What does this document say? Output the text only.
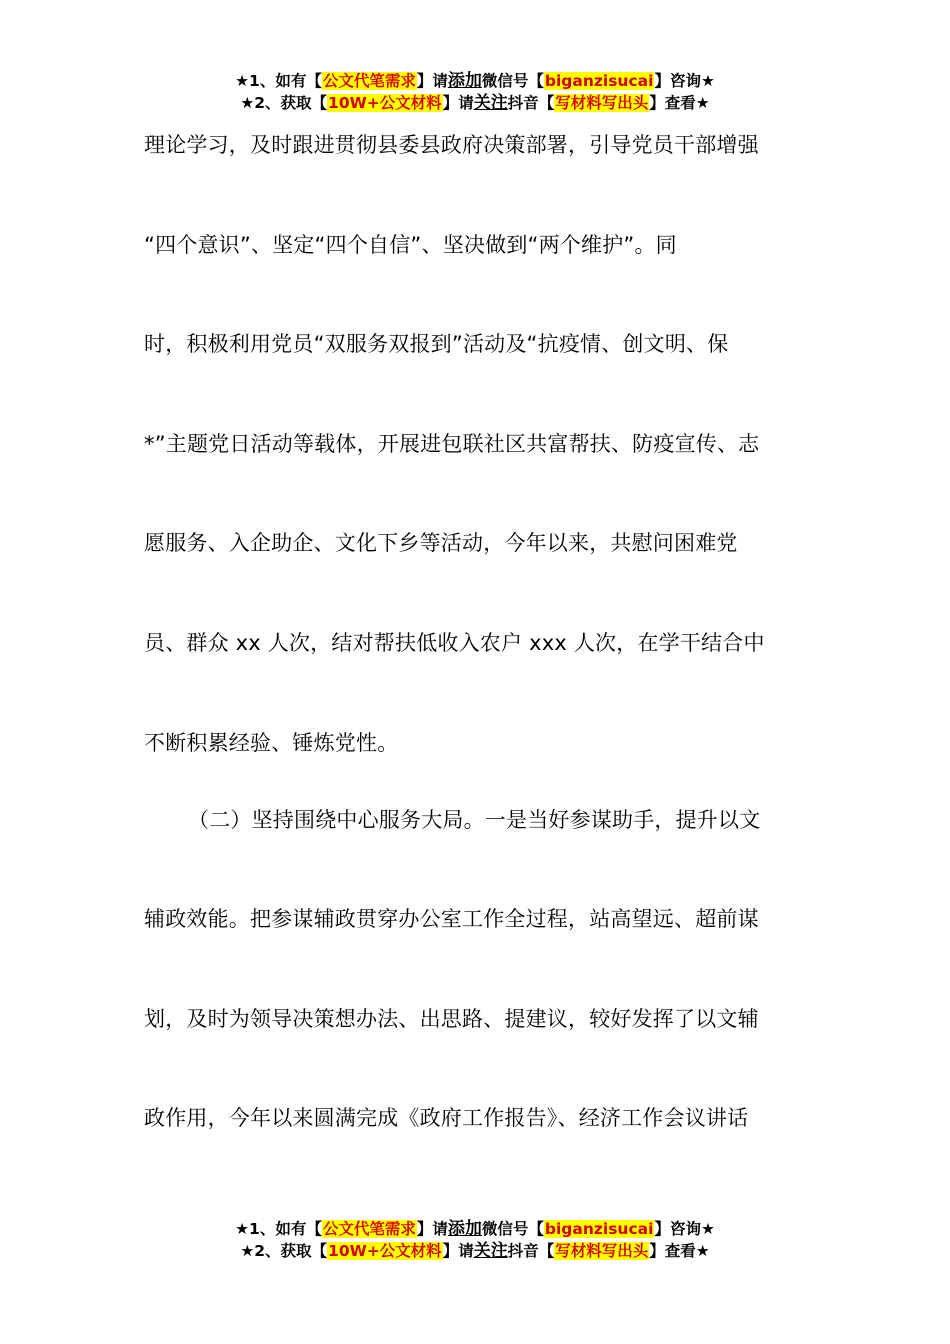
★1、如有【公文代笔需求】请添加微信号【biganzisucai】咨询★
★2、获取【10W+公文材料】请关注抖音【写材料写出头】查看★
理论学习，及时跟进贯彻县委县政府决策部署，引导党员干部增强
“四个意识”、坚定“四个自信”、坚决做到“两个维护”。同
时，积极利用党员“双服务双报到”活动及“抗疫情、创文明、保
*”主题党日活动等载体，开展进包联社区共富帮扶、防疫宣传、志
愿服务、入企助企、文化下乡等活动，今年以来，共慰问困难党
员、群众 xx 人次，结对帮扶低收入农户 xxx 人次，在学干结合中
不断积累经验、锤炼党性。
（二）坚持围绕中心服务大局。一是当好参谋助手，提升以文
辅政效能。把参谋辅政贯穿办公室工作全过程，站高望远、超前谋
划，及时为领导决策想办法、出思路、提建议，较好发挥了以文辅
政作用，今年以来圆满完成《政府工作报告》、经济工作会议讲话
★1、如有【公文代笔需求】请添加微信号【biganzisucai】咨询★
★2、获取【10W+公文材料】请关注抖音【写材料写出头】查看★
